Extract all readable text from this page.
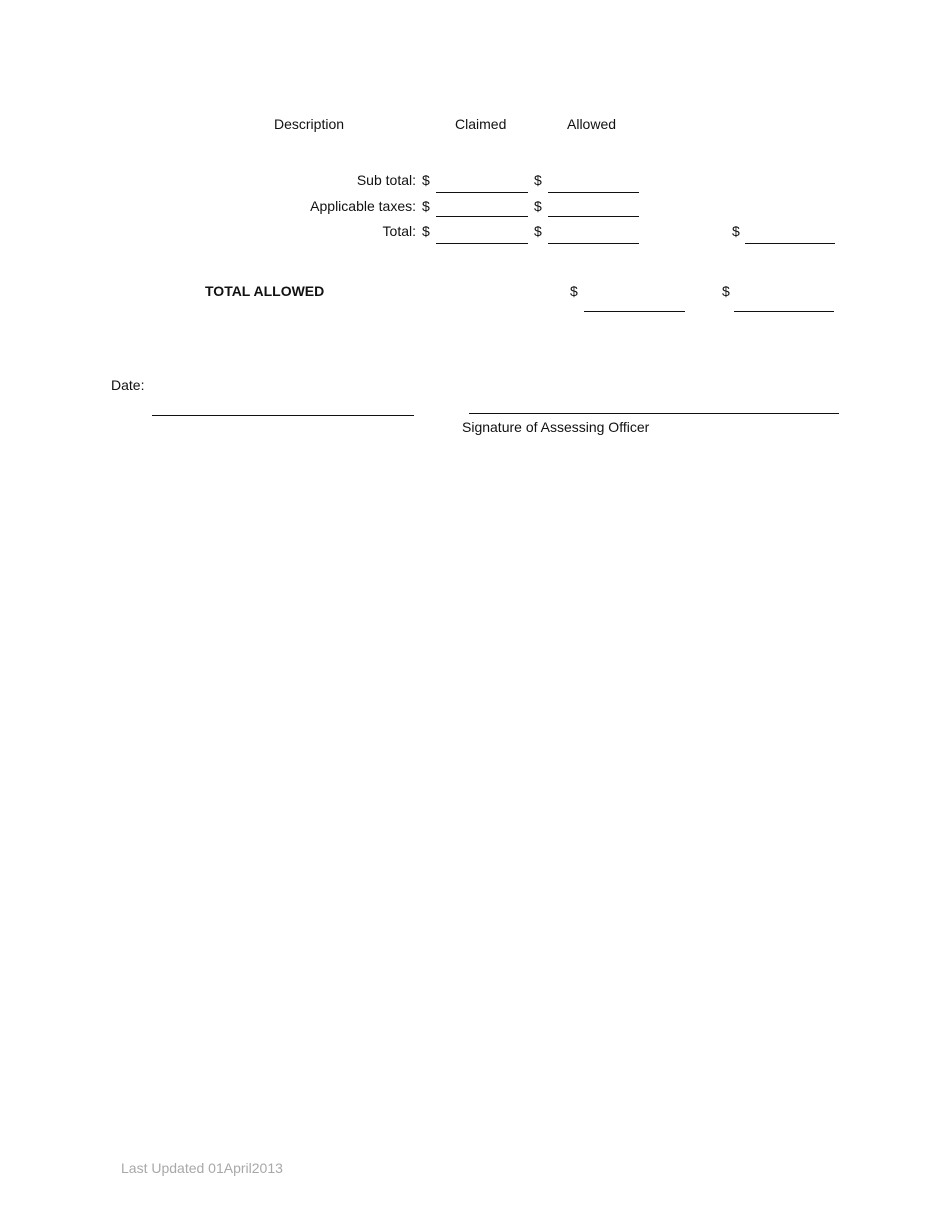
Description	Claimed	Allowed
Sub total: $	$
Applicable taxes: $	$
Total: $	$	$
TOTAL ALLOWED	$	$
Date:
Signature of Assessing Officer
Last Updated 01April2013
